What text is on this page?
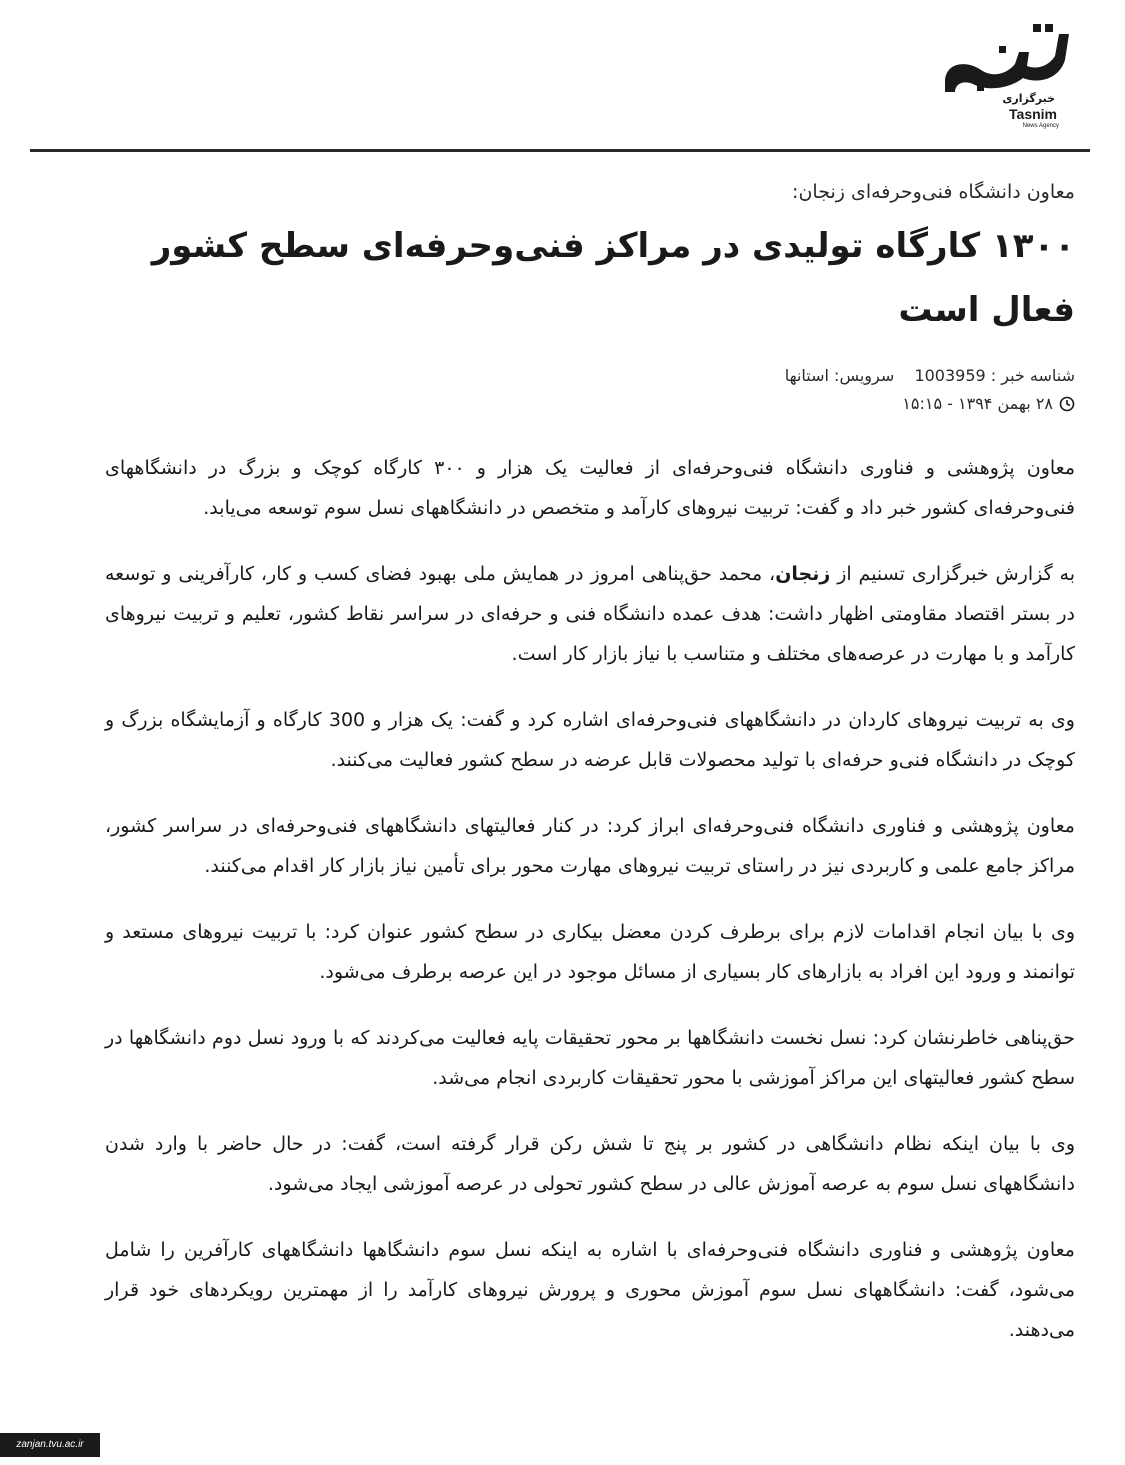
خبرگزاری
Tasnim
News Agency
معاون دانشگاه فنی‌وحرفه‌ای زنجان:
۱۳۰۰ کارگاه تولیدی در مراکز فنی‌وحرفه‌ای سطح کشور فعال است
شناسه خبر : 1003959  سرویس: استانها
۲۸ بهمن ۱۳۹۴ - ۱۵:۱۵

معاون پژوهشی و فناوری دانشگاه فنی‌وحرفه‌ای از فعالیت یک هزار و ۳۰۰ کارگاه کوچک و بزرگ در دانشگاههای فنی‌وحرفه‌ای کشور خبر داد و گفت: تربیت نیروهای کارآمد و متخصص در دانشگاههای نسل سوم توسعه می‌یابد.

به گزارش خبرگزاری تسنیم از زنجان، محمد حق‌پناهی امروز در همایش ملی بهبود فضای کسب و کار، کارآفرینی و توسعه در بستر اقتصاد مقاومتی اظهار داشت: هدف عمده دانشگاه فنی و حرفه‌ای در سراسر نقاط کشور، تعلیم و تربیت نیروهای کارآمد و با مهارت در عرصه‌های مختلف و متناسب با نیاز بازار کار است.

وی به تربیت نیروهای کاردان در دانشگاههای فنی‌وحرفه‌ای اشاره کرد و گفت: یک هزار و 300 کارگاه و آزمایشگاه بزرگ و کوچک در دانشگاه فنی‌و حرفه‌ای با تولید محصولات قابل عرضه در سطح کشور فعالیت می‌کنند.

معاون پژوهشی و فناوری دانشگاه فنی‌وحرفه‌ای ابراز کرد: در کنار فعالیتهای دانشگاههای فنی‌وحرفه‌ای در سراسر کشور، مراکز جامع علمی و کاربردی نیز در راستای تربیت نیروهای مهارت محور برای تأمین نیاز بازار کار اقدام می‌کنند.

وی با بیان انجام اقدامات لازم برای برطرف کردن معضل بیکاری در سطح کشور عنوان کرد: با تربیت نیروهای مستعد و توانمند و ورود این افراد به بازارهای کار بسیاری از مسائل موجود در این عرصه برطرف می‌شود.

حق‌پناهی خاطرنشان کرد: نسل نخست دانشگاهها بر محور تحقیقات پایه فعالیت می‌کردند که با ورود نسل دوم دانشگاهها در سطح کشور فعالیتهای این مراکز آموزشی با محور تحقیقات کاربردی انجام می‌شد.

وی با بیان اینکه نظام دانشگاهی در کشور بر پنج تا شش رکن قرار گرفته است، گفت: در حال حاضر با وارد شدن دانشگاههای نسل سوم به عرصه آموزش عالی در سطح کشور تحولی در عرصه آموزشی ایجاد می‌شود.

معاون پژوهشی و فناوری دانشگاه فنی‌وحرفه‌ای با اشاره به اینکه نسل سوم دانشگاهها دانشگاههای کارآفرین را شامل می‌شود، گفت: دانشگاههای نسل سوم آموزش محوری و پرورش نیروهای کارآمد را از مهمترین رویکردهای خود قرار می‌دهند.

zanjan.tvu.ac.ir
